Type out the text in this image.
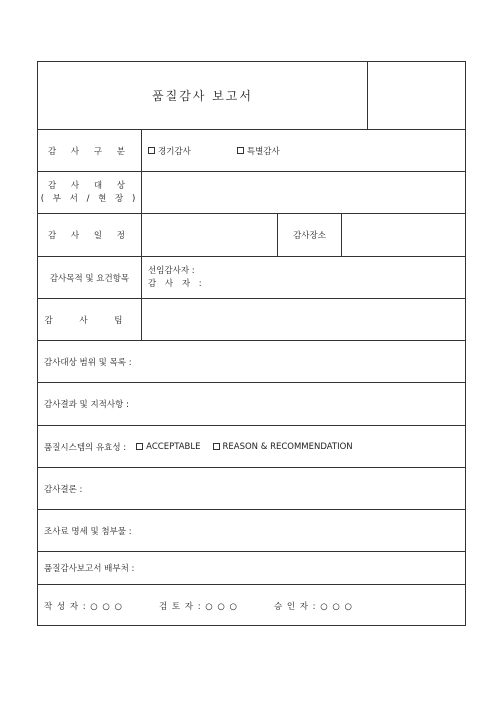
품질감사 보고서
감 사 구 분	경기감사	특별감사
감 사 대 상
( 부 서 / 현 장 )
감 사 일 정	감사장소
감사목적 및 요건항목
선임감사자 :
감 사 자 :
감 사 팀
감사대상 범위 및 목록 :
감사결과 및 지적사항 :
품질시스템의 유효성 : ACCEPTABLE	REASON & RECOMMENDATION
감사결론 :
조사료 명세 및 첨부물 :
품질감사보고서 배부처 :
작 성 자 : ○ ○ ○	검 토 자 : ○ ○ ○	승 인 자 : ○ ○ ○
